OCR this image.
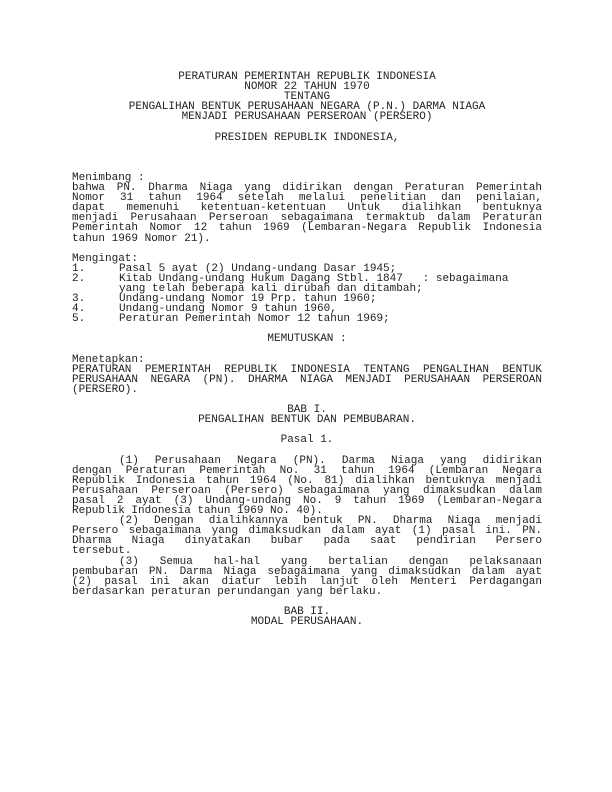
PERATURAN PEMERINTAH REPUBLIK INDONESIA
NOMOR 22 TAHUN 1970
TENTANG
PENGALIHAN BENTUK PERUSAHAAN NEGARA (P.N.) DARMA NIAGA
MENJADI PERUSAHAAN PERSEROAN (PERSERO)
PRESIDEN REPUBLIK INDONESIA,
Menimbang :
bahwa PN. Dharma Niaga yang didirikan dengan Peraturan Pemerintah
Nomor 31 tahun 1964 setelah melalui penelitian dan penilaian,
dapat memenuhi ketentuan-ketentuan Untuk dialihkan bentuknya
menjadi Perusahaan Perseroan sebagaimana termaktub dalam Peraturan
Pemerintah Nomor 12 tahun 1969 (Lembaran-Negara Republik Indonesia
tahun 1969 Nomor 21).
Mengingat:
1.	Pasal 5 ayat (2) Undang-undang Dasar 1945;
2.	Kitab Undang-undang Hukum Dagang Stbl. 1847   : sebagaimana
yang telah beberapa kali dirubah dan ditambah;
3.	Undang-undang Nomor 19 Prp. tahun 1960;
4.	Undang-undang Nomor 9 tahun 1960,
5.	Peraturan Pemerintah Nomor 12 tahun 1969;
MEMUTUSKAN :
Menetapkan:
PERATURAN PEMERINTAH REPUBLIK INDONESIA TENTANG PENGALIHAN BENTUK
PERUSAHAAN NEGARA (PN). DHARMA NIAGA MENJADI PERUSAHAAN PERSEROAN
(PERSERO).
BAB I.
PENGALIHAN BENTUK DAN PEMBUBARAN.
Pasal 1.
(1) Perusahaan Negara (PN). Darma Niaga yang didirikan
dengan Peraturan Pemerintah No. 31 tahun 1964 (Lembaran Negara
Republik Indonesia tahun 1964 (No. 81) dialihkan bentuknya menjadi
Perusahaan Perseroan (Persero) sebagaimana yang dimaksudkan dalam
pasal 2 ayat (3) Undang-undang No. 9 tahun 1969 (Lembaran-Negara
Republik Indonesia tahun 1969 No. 40).
(2) Dengan dialihkannya bentuk PN. Dharma Niaga menjadi
Persero sebagaimana yang dimaksudkan dalam ayat (1) pasal ini. PN.
Dharma Niaga dinyatakan bubar pada saat pendirian Persero
tersebut.
(3) Semua hal-hal yang bertalian dengan pelaksanaan
pembubaran PN. Darma Niaga sebagaimana yang dimaksudkan dalam ayat
(2) pasal ini akan diatur lebih lanjut oleh Menteri Perdagangan
berdasarkan peraturan perundangan yang berlaku.
BAB II.
MODAL PERUSAHAAN.
